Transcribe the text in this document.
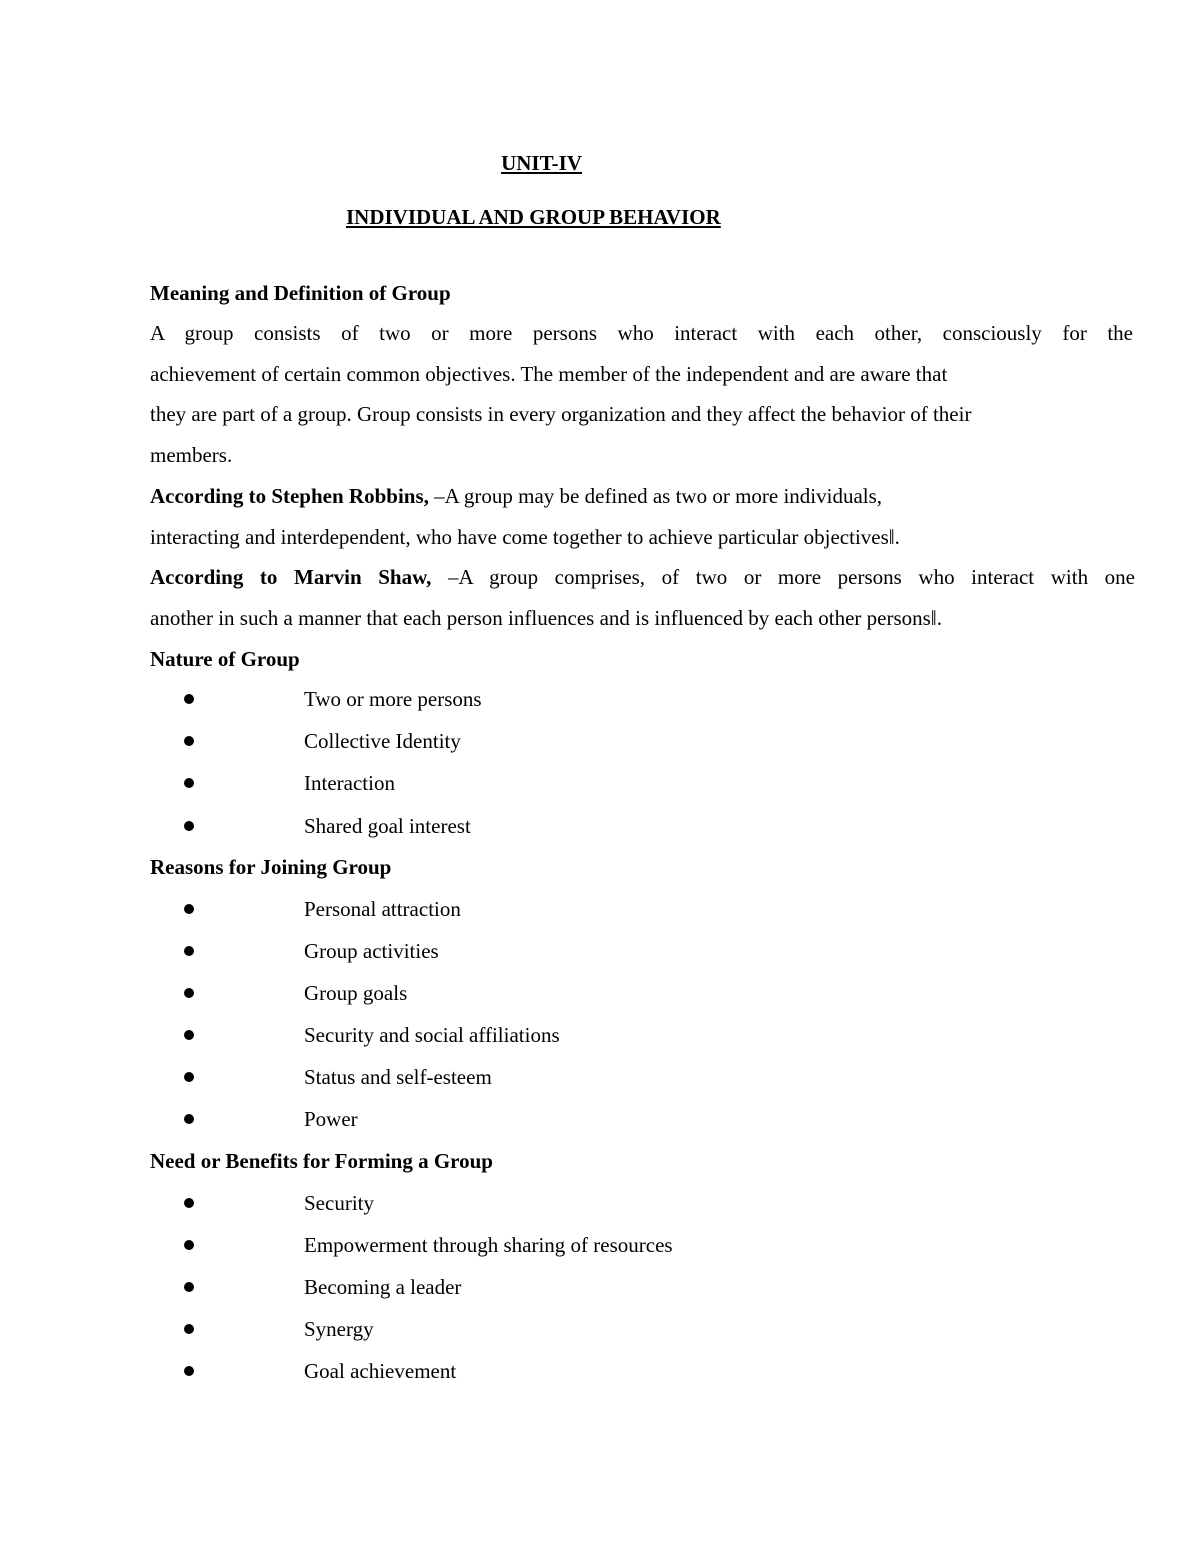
UNIT-IV
INDIVIDUAL AND GROUP BEHAVIOR
Meaning and Definition of Group
A group consists of two or more persons who interact with each other, consciously for the
achievement of certain common objectives. The member of the independent and are aware that
they are part of a group. Group consists in every organization and they affect the behavior of their
members.
According to Stephen Robbins, –A group may be defined as two or more individuals,
interacting and interdependent, who have come together to achieve particular objectives‖.
According to Marvin Shaw, –A group comprises, of two or more persons who interact with one
another in such a manner that each person influences and is influenced by each other persons‖.
Nature of Group
Two or more persons
Collective Identity
Interaction
Shared goal interest
Reasons for Joining Group
Personal attraction
Group activities
Group goals
Security and social affiliations
Status and self-esteem
Power
Need or Benefits for Forming a Group
Security
Empowerment through sharing of resources
Becoming a leader
Synergy
Goal achievement
